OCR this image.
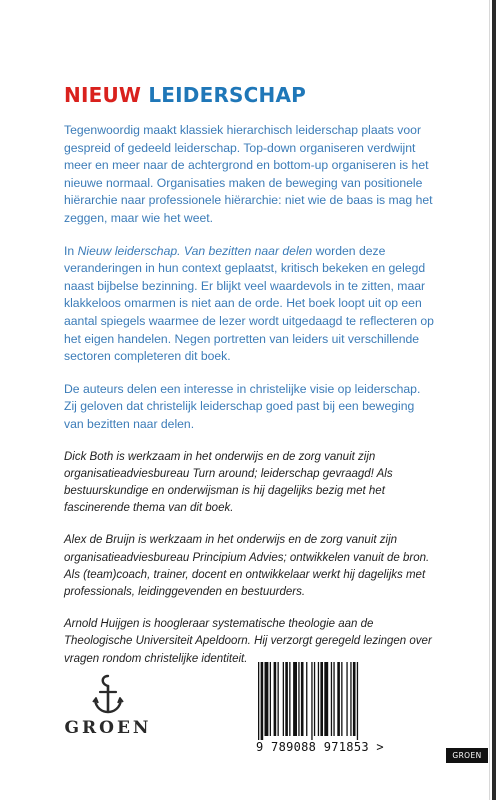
NIEUW LEIDERSCHAP

Tegenwoordig maakt klassiek hierarchisch leiderschap plaats voor gespreid of gedeeld leiderschap. Top-down organiseren verdwijnt meer en meer naar de achtergrond en bottom-up organiseren is het nieuwe normaal. Organisaties maken de beweging van positionele hiërarchie naar professionele hiërarchie: niet wie de baas is mag het zeggen, maar wie het weet.

In Nieuw leiderschap. Van bezitten naar delen worden deze veranderingen in hun context geplaatst, kritisch bekeken en gelegd naast bijbelse bezinning. Er blijkt veel waardevols in te zitten, maar klakkeloos omarmen is niet aan de orde. Het boek loopt uit op een aantal spiegels waarmee de lezer wordt uitgedaagd te reflecteren op het eigen handelen. Negen portretten van leiders uit verschillende sectoren completeren dit boek.

De auteurs delen een interesse in christelijke visie op leiderschap. Zij geloven dat christelijk leiderschap goed past bij een beweging van bezitten naar delen.

Dick Both is werkzaam in het onderwijs en de zorg vanuit zijn organisatieadviesbureau Turn around; leiderschap gevraagd! Als bestuurskundige en onderwijsman is hij dagelijks bezig met het fascinerende thema van dit boek.

Alex de Bruijn is werkzaam in het onderwijs en de zorg vanuit zijn organisatieadviesbureau Principium Advies; ontwikkelen vanuit de bron. Als (team)coach, trainer, docent en ontwikkelaar werkt hij dagelijks met professionals, leidinggevenden en bestuurders.

Arnold Huijgen is hoogleraar systematische theologie aan de Theologische Universiteit Apeldoorn. Hij verzorgt geregeld lezingen over vragen rondom christelijke identiteit.

GROEN
9 789088 971853 >
GROEN
